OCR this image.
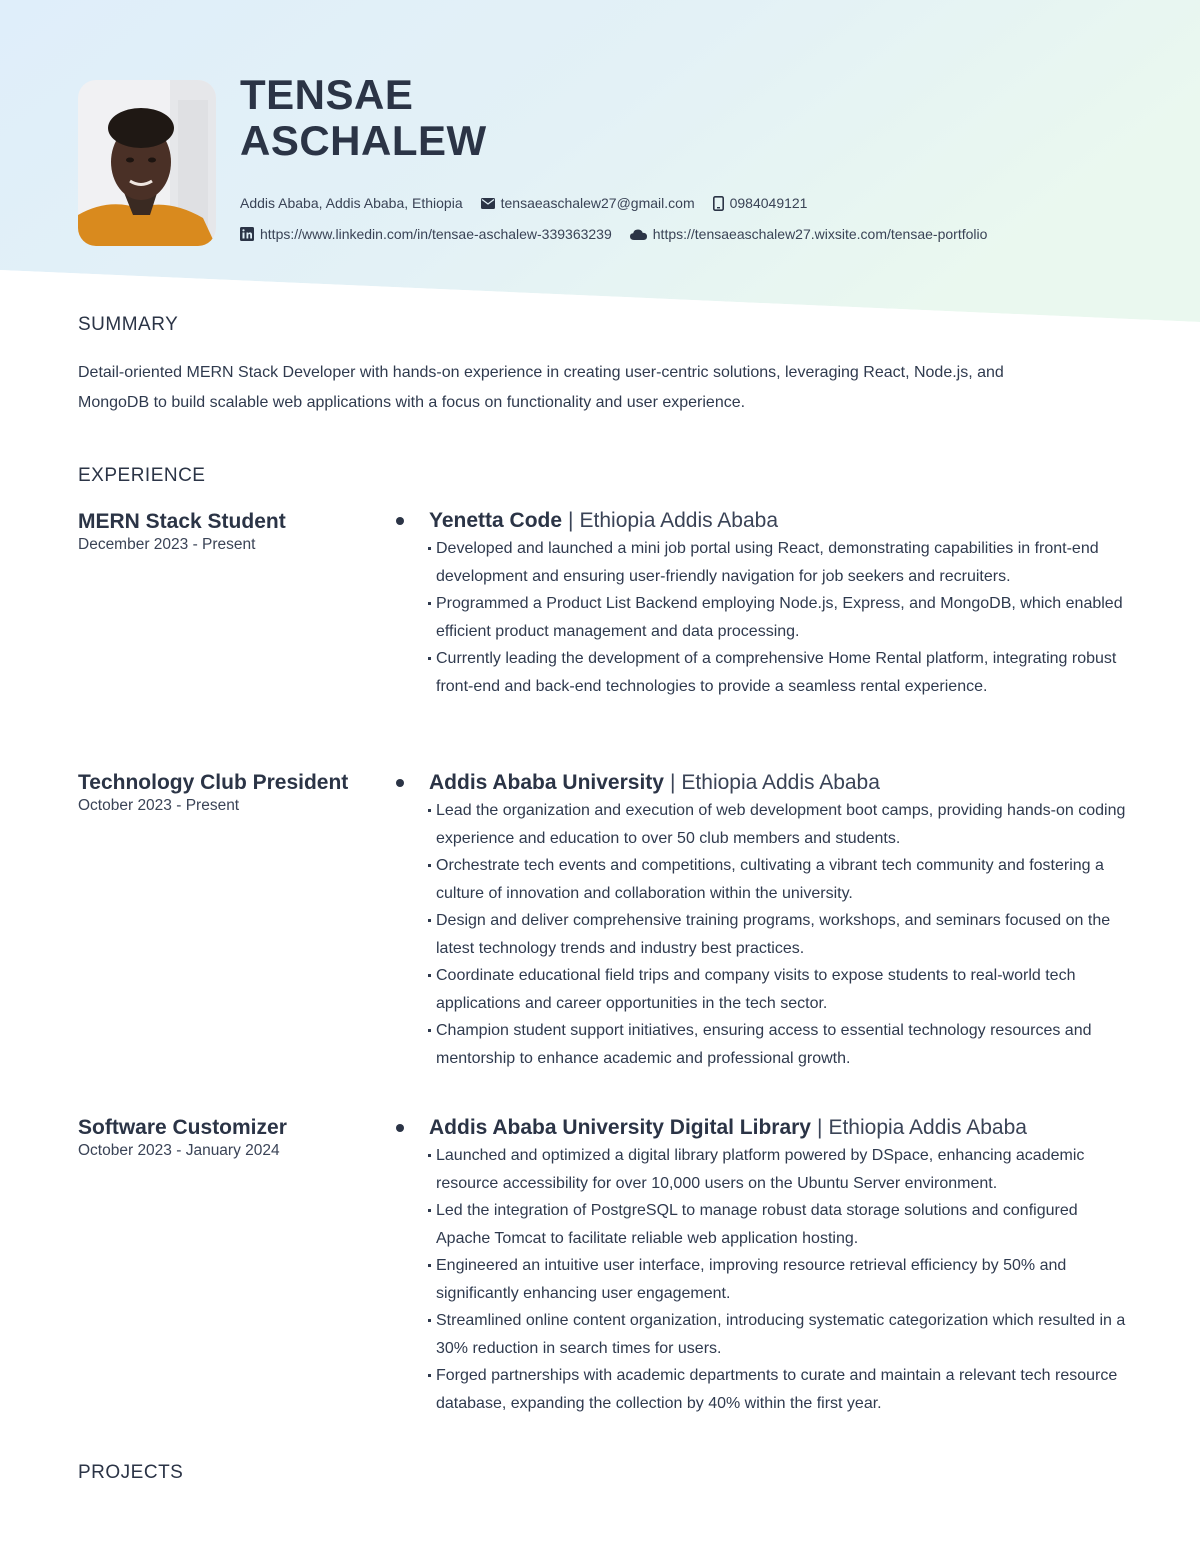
TENSAE
ASCHALEW
Addis Ababa, Addis Ababa, Ethiopia	tensaeaschalew27@gmail.com	0984049121
https://www.linkedin.com/in/tensae-aschalew-339363239	https://tensaeaschalew27.wixsite.com/tensae-portfolio
SUMMARY
Detail-oriented MERN Stack Developer with hands-on experience in creating user-centric solutions, leveraging React, Node.js, and MongoDB to build scalable web applications with a focus on functionality and user experience.
EXPERIENCE
MERN Stack Student
December 2023 - Present
Yenetta Code | Ethiopia Addis Ababa
Developed and launched a mini job portal using React, demonstrating capabilities in front-end development and ensuring user-friendly navigation for job seekers and recruiters.
Programmed a Product List Backend employing Node.js, Express, and MongoDB, which enabled efficient product management and data processing.
Currently leading the development of a comprehensive Home Rental platform, integrating robust front-end and back-end technologies to provide a seamless rental experience.
Technology Club President
October 2023 - Present
Addis Ababa University | Ethiopia Addis Ababa
Lead the organization and execution of web development boot camps, providing hands-on coding experience and education to over 50 club members and students.
Orchestrate tech events and competitions, cultivating a vibrant tech community and fostering a culture of innovation and collaboration within the university.
Design and deliver comprehensive training programs, workshops, and seminars focused on the latest technology trends and industry best practices.
Coordinate educational field trips and company visits to expose students to real-world tech applications and career opportunities in the tech sector.
Champion student support initiatives, ensuring access to essential technology resources and mentorship to enhance academic and professional growth.
Software Customizer
October 2023 - January 2024
Addis Ababa University Digital Library | Ethiopia Addis Ababa
Launched and optimized a digital library platform powered by DSpace, enhancing academic resource accessibility for over 10,000 users on the Ubuntu Server environment.
Led the integration of PostgreSQL to manage robust data storage solutions and configured Apache Tomcat to facilitate reliable web application hosting.
Engineered an intuitive user interface, improving resource retrieval efficiency by 50% and significantly enhancing user engagement.
Streamlined online content organization, introducing systematic categorization which resulted in a 30% reduction in search times for users.
Forged partnerships with academic departments to curate and maintain a relevant tech resource database, expanding the collection by 40% within the first year.
PROJECTS
